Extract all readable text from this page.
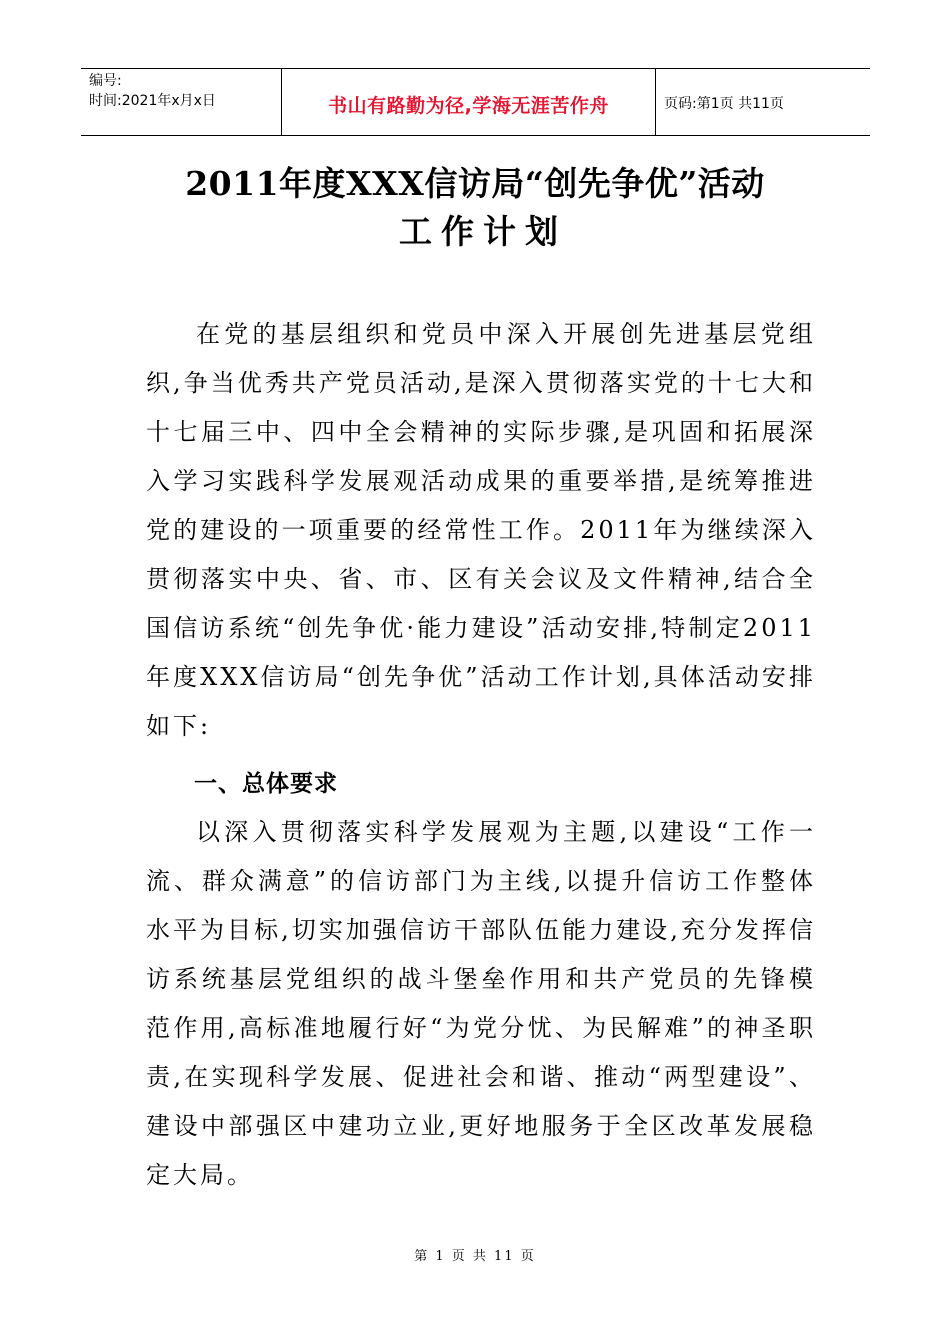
编号:
时间:2021年x月x日	书山有路勤为径,学海无涯苦作舟	页码:第1页 共11页
2011年度XXX信访局“创先争优”活动
工作计划
在党的基层组织和党员中深入开展创先进基层党组织,争当优秀共产党员活动,是深入贯彻落实党的十七大和十七届三中、四中全会精神的实际步骤,是巩固和拓展深入学习实践科学发展观活动成果的重要举措,是统筹推进党的建设的一项重要的经常性工作。2011年为继续深入贯彻落实中央、省、市、区有关会议及文件精神,结合全国信访系统“创先争优·能力建设”活动安排,特制定2011年度XXX信访局“创先争优”活动工作计划,具体活动安排如下:
一、总体要求
以深入贯彻落实科学发展观为主题,以建设“工作一流、群众满意”的信访部门为主线,以提升信访工作整体水平为目标,切实加强信访干部队伍能力建设,充分发挥信访系统基层党组织的战斗堡垒作用和共产党员的先锋模范作用,高标准地履行好“为党分忧、为民解难”的神圣职责,在实现科学发展、促进社会和谐、推动“两型建设”、建设中部强区中建功立业,更好地服务于全区改革发展稳定大局。
第 1 页 共 11 页
